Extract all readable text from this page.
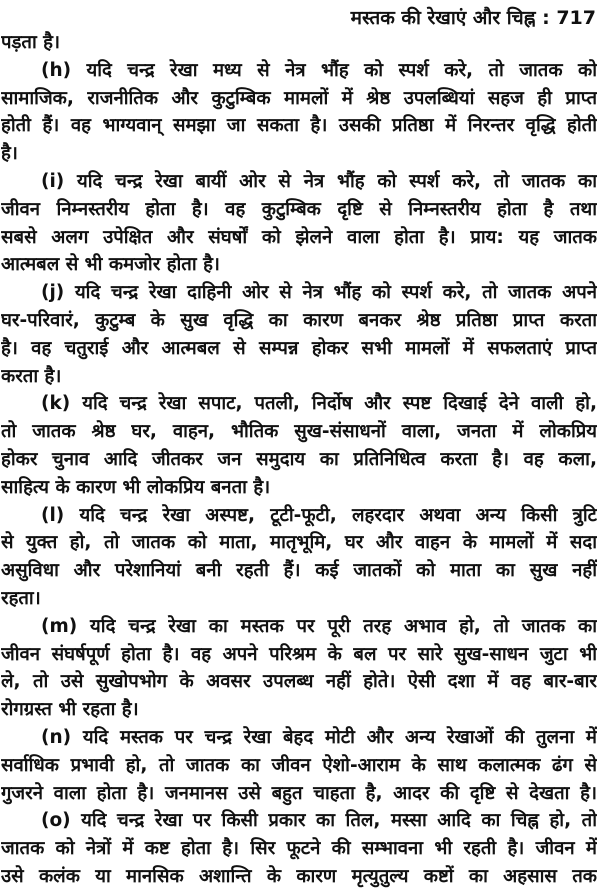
मस्तक की रेखाएं और चिह्न : 717
पड़ता है।
(h) यदि चन्द्र रेखा मध्य से नेत्र भौंह को स्पर्श करे, तो जातक को
सामाजिक, राजनीतिक और कुटुम्बिक मामलों में श्रेष्ठ उपलब्धियां सहज ही प्राप्त
होती हैं। वह भाग्यवान् समझा जा सकता है। उसकी प्रतिष्ठा में निरन्तर वृद्धि होती
है।
(i) यदि चन्द्र रेखा बायीं ओर से नेत्र भौंह को स्पर्श करे, तो जातक का
जीवन निम्नस्तरीय होता है। वह कुटुम्बिक दृष्टि से निम्नस्तरीय होता है तथा
सबसे अलग उपेक्षित और संघर्षों को झेलने वाला होता है। प्राय: यह जातक
आत्मबल से भी कमजोर होता है।
(j) यदि चन्द्र रेखा दाहिनी ओर से नेत्र भौंह को स्पर्श करे, तो जातक अपने
घर-परिवारं, कुटुम्ब के सुख वृद्धि का कारण बनकर श्रेष्ठ प्रतिष्ठा प्राप्त करता
है। वह चतुराई और आत्मबल से सम्पन्न होकर सभी मामलों में सफलताएं प्राप्त
करता है।
(k) यदि चन्द्र रेखा सपाट, पतली, निर्दोष और स्पष्ट दिखाई देने वाली हो,
तो जातक श्रेष्ठ घर, वाहन, भौतिक सुख-संसाधनों वाला, जनता में लोकप्रिय
होकर चुनाव आदि जीतकर जन समुदाय का प्रतिनिधित्व करता है। वह कला,
साहित्य के कारण भी लोकप्रिय बनता है।
(l) यदि चन्द्र रेखा अस्पष्ट, टूटी-फूटी, लहरदार अथवा अन्य किसी त्रुटि
से युक्त हो, तो जातक को माता, मातृभूमि, घर और वाहन के मामलों में सदा
असुविधा और परेशानियां बनी रहती हैं। कई जातकों को माता का सुख नहीं
रहता।
(m) यदि चन्द्र रेखा का मस्तक पर पूरी तरह अभाव हो, तो जातक का
जीवन संघर्षपूर्ण होता है। वह अपने परिश्रम के बल पर सारे सुख-साधन जुटा भी
ले, तो उसे सुखोपभोग के अवसर उपलब्ध नहीं होते। ऐसी दशा में वह बार-बार
रोगग्रस्त भी रहता है।
(n) यदि मस्तक पर चन्द्र रेखा बेहद मोटी और अन्य रेखाओं की तुलना में
सर्वाधिक प्रभावी हो, तो जातक का जीवन ऐशो-आराम के साथ कलात्मक ढंग से
गुजरने वाला होता है। जनमानस उसे बहुत चाहता है, आदर की दृष्टि से देखता है।
(o) यदि चन्द्र रेखा पर किसी प्रकार का तिल, मस्सा आदि का चिह्न हो, तो
जातक को नेत्रों में कष्ट होता है। सिर फूटने की सम्भावना भी रहती है। जीवन में
उसे कलंक या मानसिक अशान्ति के कारण मृत्युतुल्य कष्टों का अहसास तक
